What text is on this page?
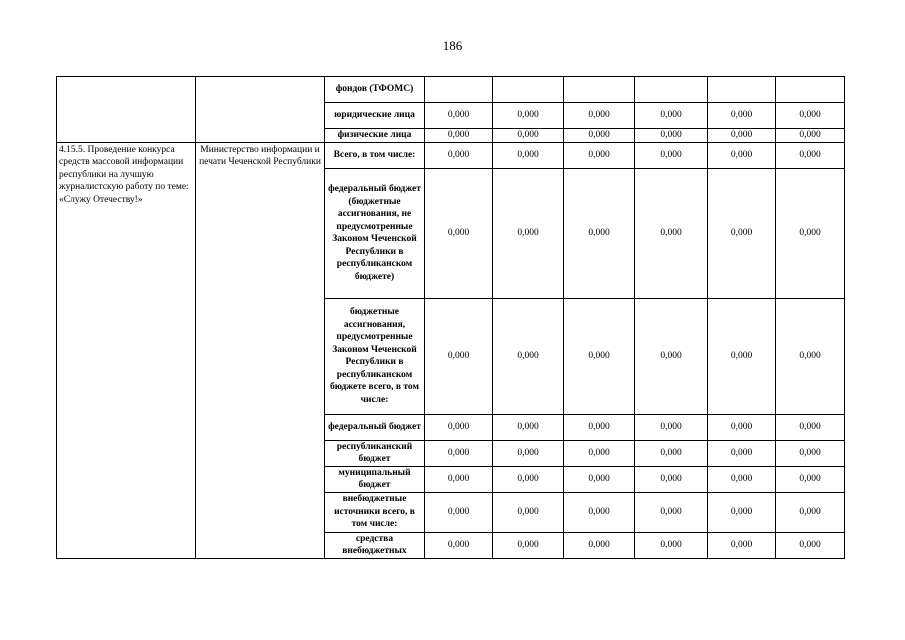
186
		фондов (ТФОМС)						
		юридические лица	0,000	0,000	0,000	0,000	0,000	0,000
		физические лица	0,000	0,000	0,000	0,000	0,000	0,000
4.15.5. Проведение конкурса средств массовой информации республики на лучшую журналистскую работу по теме: «Служу Отечеству!»	Министерство информации и печати Чеченской Республики	Всего, в том числе:	0,000	0,000	0,000	0,000	0,000	0,000
		федеральный бюджет (бюджетные ассигнования, не предусмотренные Законом Чеченской Республики в республиканском бюджете)	0,000	0,000	0,000	0,000	0,000	0,000
		бюджетные ассигнования, предусмотренные Законом Чеченской Республики в республиканском бюджете всего, в том числе:	0,000	0,000	0,000	0,000	0,000	0,000
		федеральный бюджет	0,000	0,000	0,000	0,000	0,000	0,000
		республиканский бюджет	0,000	0,000	0,000	0,000	0,000	0,000
		муниципальный бюджет	0,000	0,000	0,000	0,000	0,000	0,000
		внебюджетные источники всего, в том числе:	0,000	0,000	0,000	0,000	0,000	0,000
		средства внебюджетных	0,000	0,000	0,000	0,000	0,000	0,000
